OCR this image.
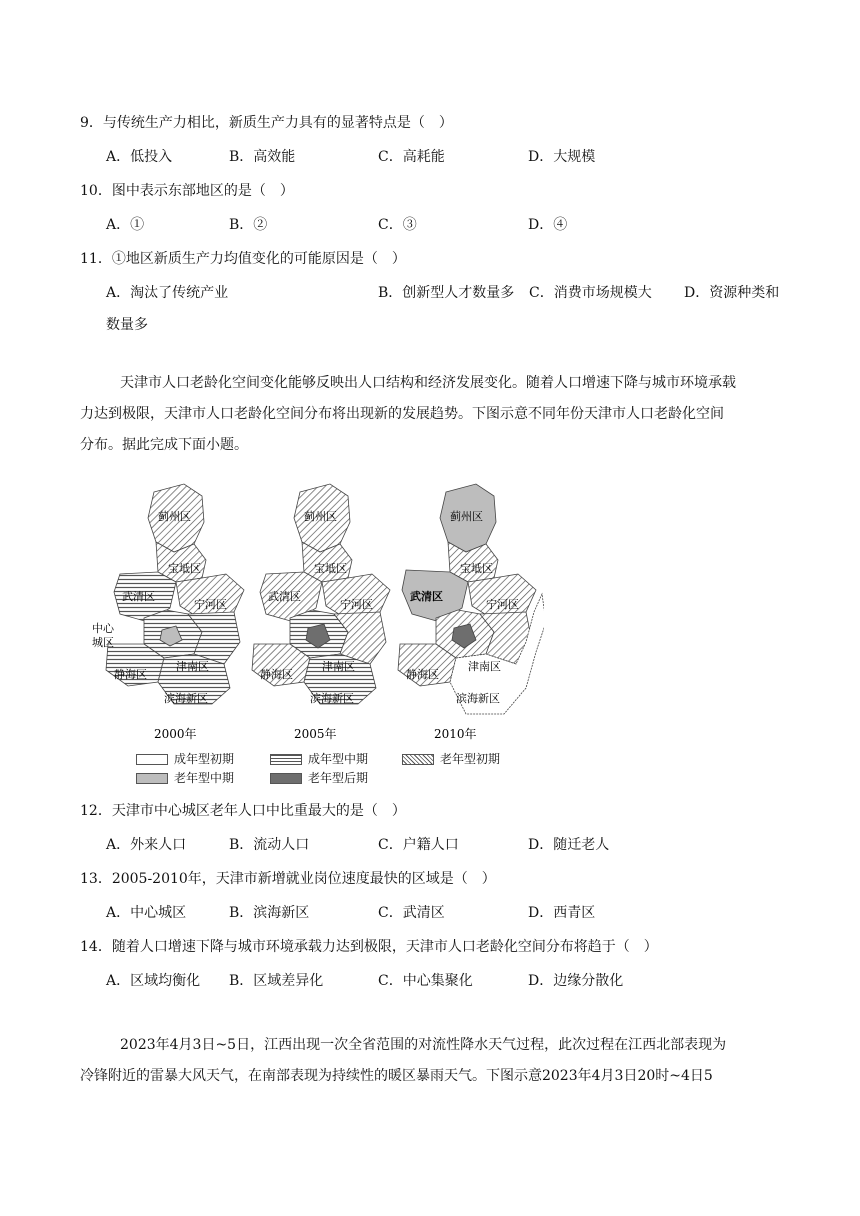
9．与传统生产力相比，新质生产力具有的显著特点是（　）
A．低投入	B．高效能	C．高耗能	D．大规模
10．图中表示东部地区的是（　）
A．①	B．②	C．③	D．④
11．①地区新质生产力均值变化的可能原因是（　）
A．淘汰了传统产业	B．创新型人才数量多 C．消费市场规模大 D．资源种类和
数量多

天津市人口老龄化空间变化能够反映出人口结构和经济发展变化。随着人口增速下降与城市环境承载

力达到极限，天津市人口老龄化空间分布将出现新的发展趋势。下图示意不同年份天津市人口老龄化空间

分布。据此完成下面小题。

蓟州区
宝坻区
武清区
宁河区
中心
城区
静海区
滨海新区
津南区
蓟州区
宝坻区
武清区
宁河区
静海区
滨海新区
津南区
蓟州区
宝坻区
武清区
宁河区
静海区
滨海新区
津南区
2000年	2005年	2010年
成年型初期	成年型中期	老年型初期
老年型中期	老年型后期
12．天津市中心城区老年人口中比重最大的是（　）
A．外来人口	B．流动人口	C．户籍人口	D．随迁老人
13．2005-2010年，天津市新增就业岗位速度最快的区域是（　）
A．中心城区	B．滨海新区	C．武清区	D．西青区
14．随着人口增速下降与城市环境承载力达到极限，天津市人口老龄化空间分布将趋于（　）
A．区域均衡化 B．区域差异化	C．中心集聚化	D．边缘分散化

2023年4月3日~5日，江西出现一次全省范围的对流性降水天气过程，此次过程在江西北部表现为

冷锋附近的雷暴大风天气，在南部表现为持续性的暖区暴雨天气。下图示意2023年4月3日20时~4日5
